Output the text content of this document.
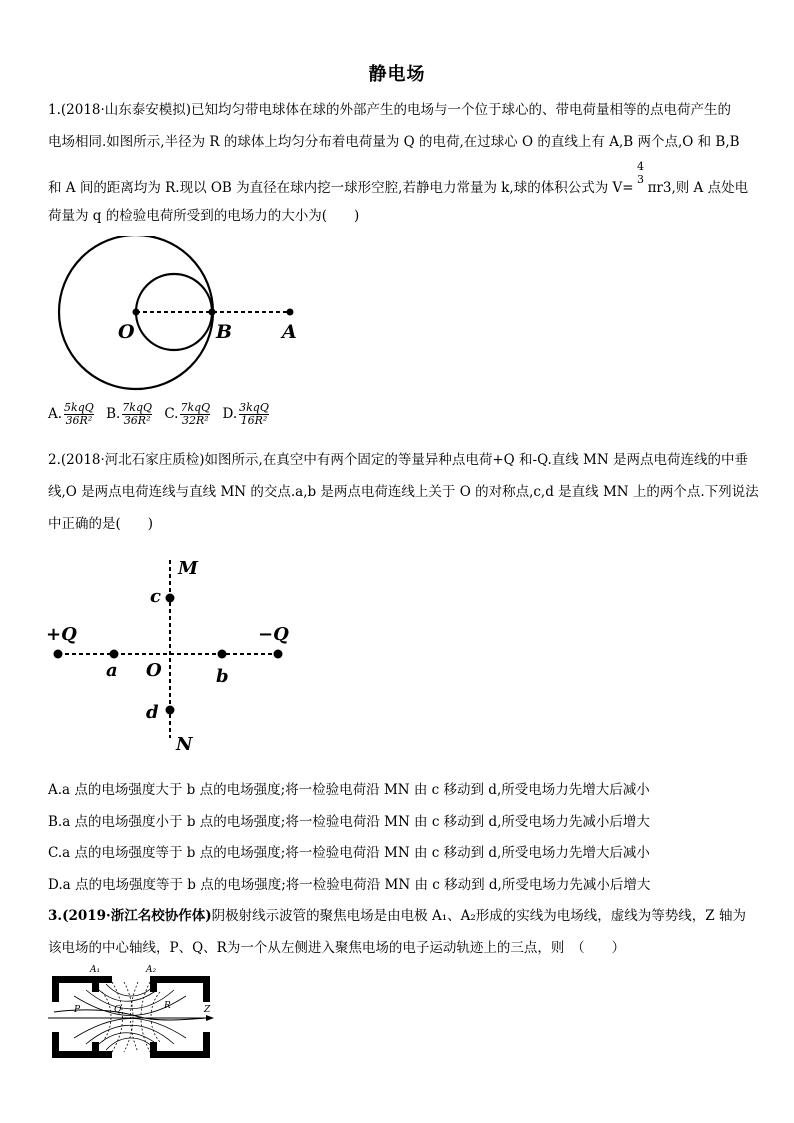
静电场
1.(2018·山东泰安模拟)已知均匀带电球体在球的外部产生的电场与一个位于球心的、带电荷量相等的点电荷产生的
电场相同.如图所示,半径为 R 的球体上均匀分布着电荷量为 Q 的电荷,在过球心 O 的直线上有 A,B 两个点,O 和 B,B
和 A 间的距离均为 R.现以 OB 为直径在球内挖一球形空腔,若静电力常量为 k,球的体积公式为 V= πr3,则 A 点处电
4
3
荷量为 q 的检验电荷所受到的电场力的大小为(　　)
O	B	A
A. $\frac{\text{5kqQ}}{\text{36R²}} B$. $\frac{\text{7kqQ}}{\text{36R²}} C$. $\frac{\text{7kqQ}}{\text{32R²}} D$. $\frac{\text{3kqQ}}{\text{16R²}}$
2.(2018·河北石家庄质检)如图所示,在真空中有两个固定的等量异种点电荷+Q 和-Q.直线 MN 是两点电荷连线的中垂
线,O 是两点电荷连线与直线 MN 的交点.a,b 是两点电荷连线上关于 O 的对称点,c,d 是直线 MN 上的两个点.下列说法
中正确的是(　　)
M
c
+Q	−Q
a O	b
d
N
A.a 点的电场强度大于 b 点的电场强度;将一检验电荷沿 MN 由 c 移动到 d,所受电场力先增大后减小
B.a 点的电场强度小于 b 点的电场强度;将一检验电荷沿 MN 由 c 移动到 d,所受电场力先减小后增大
C.a 点的电场强度等于 b 点的电场强度;将一检验电荷沿 MN 由 c 移动到 d,所受电场力先增大后减小
D.a 点的电场强度等于 b 点的电场强度;将一检验电荷沿 MN 由 c 移动到 d,所受电场力先减小后增大
3.(2019·浙江名校协作体)阴极射线示波管的聚焦电场是由电极 A₁、A₂形成的实线为电场线，虚线为等势线，Z 轴为
该电场的中心轴线，P、Q、R为一个从左侧进入聚焦电场的电子运动轨迹上的三点，则　（　　）
A₁	A₂
P	Q	R	Z
